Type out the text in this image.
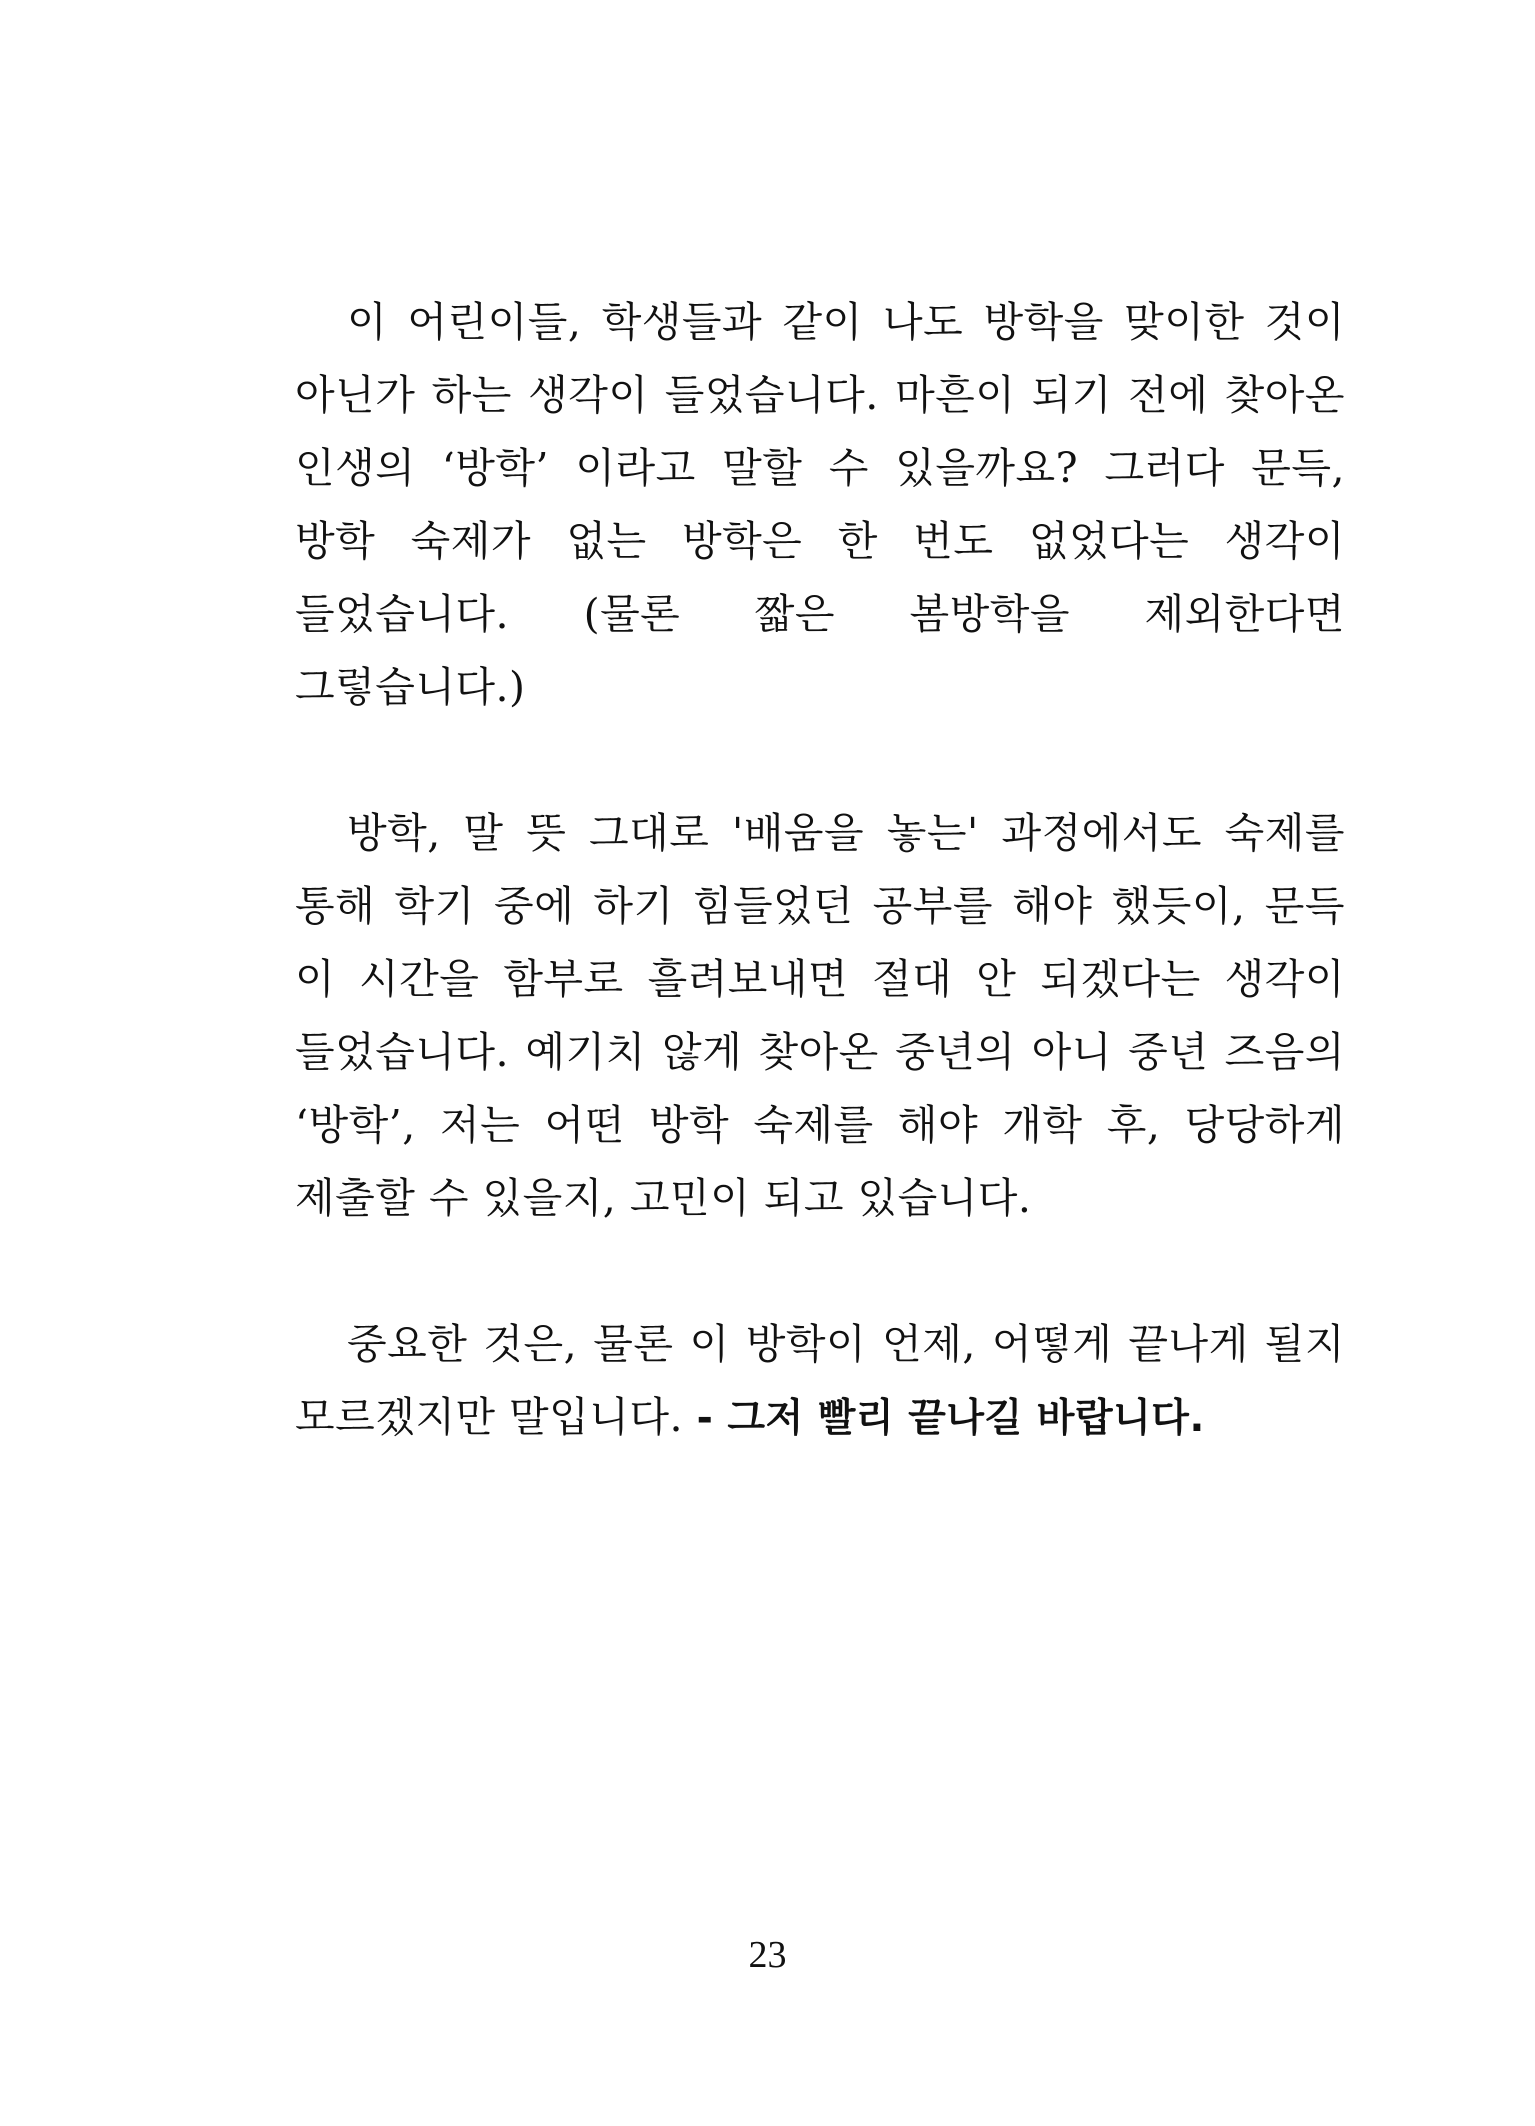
이 어린이들, 학생들과 같이 나도 방학을 맞이한 것이 아닌가 하는 생각이 들었습니다. 마흔이 되기 전에 찾아온 인생의 ‘방학’ 이라고 말할 수 있을까요? 그러다 문득, 방학 숙제가 없는 방학은 한 번도 없었다는 생각이 들었습니다. (물론 짧은 봄방학을 제외한다면 그렇습니다.)

방학, 말 뜻 그대로 '배움을 놓는' 과정에서도 숙제를 통해 학기 중에 하기 힘들었던 공부를 해야 했듯이, 문득 이 시간을 함부로 흘려보내면 절대 안 되겠다는 생각이 들었습니다. 예기치 않게 찾아온 중년의 아니 중년 즈음의 ‘방학’, 저는 어떤 방학 숙제를 해야 개학 후, 당당하게 제출할 수 있을지, 고민이 되고 있습니다.

중요한 것은, 물론 이 방학이 언제, 어떻게 끝나게 될지 모르겠지만 말입니다. - 그저 빨리 끝나길 바랍니다.

23
